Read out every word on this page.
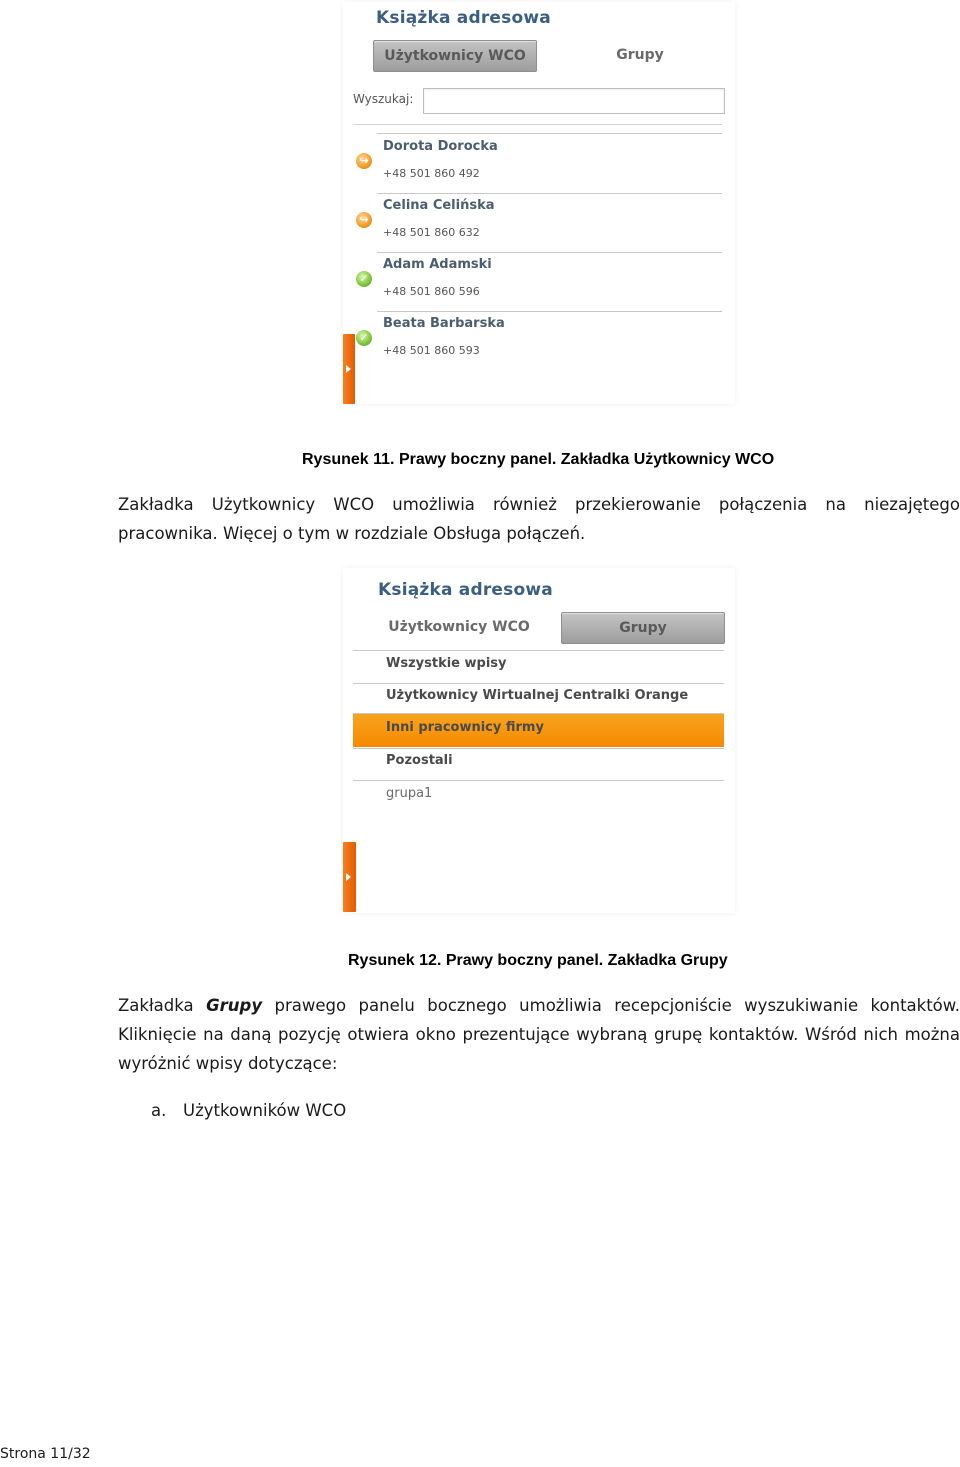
Książka adresowa
Użytkownicy WCO	Grupy
Wyszukaj:
↪
Dorota Dorocka
+48 501 860 492
↪
Celina Celińska
+48 501 860 632
✓
Adam Adamski
+48 501 860 596
✓
Beata Barbarska
+48 501 860 593
Rysunek 11. Prawy boczny panel. Zakładka Użytkownicy WCO
Zakładka Użytkownicy WCO umożliwia również przekierowanie połączenia na niezajętego
pracownika. Więcej o tym w rozdziale Obsługa połączeń.
Książka adresowa
Użytkownicy WCO	Grupy
Wszystkie wpisy
Użytkownicy Wirtualnej Centralki Orange
Inni pracownicy firmy
Pozostali
grupa1
Rysunek 12. Prawy boczny panel. Zakładka Grupy
Zakładka Grupy prawego panelu bocznego umożliwia recepcjoniście wyszukiwanie kontaktów.
Kliknięcie na daną pozycję otwiera okno prezentujące wybraną grupę kontaktów. Wśród nich można
wyróżnić wpisy dotyczące:
a. Użytkowników WCO
Strona 11/32
